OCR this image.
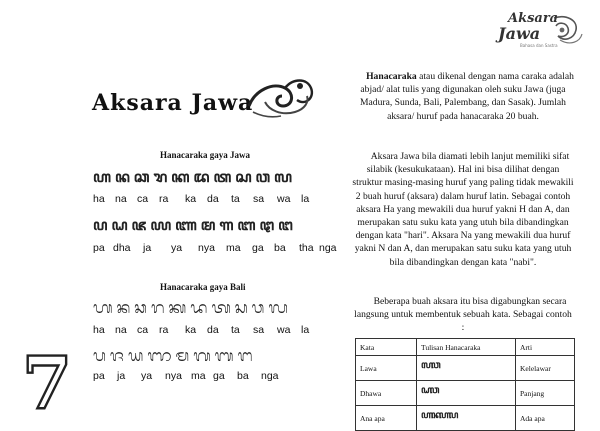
Aksara
Jawa
Bahasa dan Sastra
Aksara Jawa
Hanacaraka gaya Jawa
ꦲ ꦤ ꦕ ꦫ ꦏ ꦢ ꦠ ꦱ ꦮ ꦭ
ha na ca	ra	ka	da	ta	sa	wa	la
ꦥ ꦝ ꦗ ꦪ ꦚ ꦩ ꦒ ꦧ ꦛ ꦔ
pa dha	ja	ya	nya	ma	ga ba	tha nga
Hanacaraka gaya Bali
ᬳ ᬦ ᬘ ᬭ ᬓ ᬤ ᬢ ᬲ ᬯ ᬮ
ha na ca	ra	ka	da	ta	sa	wa	la
ᬧ ᬚ ᬬ ᬜ ᬫ ᬕ ᬩ ᬗ
pa	ja	ya	nya ma ga	ba	nga
7
Hanacaraka atau dikenal dengan nama caraka adalah abjad/ alat tulis yang digunakan oleh suku Jawa (juga Madura, Sunda, Bali, Palembang, dan Sasak). Jumlah aksara/ huruf pada hanacaraka 20 buah.
Aksara Jawa bila diamati lebih lanjut memiliki sifat silabik (kesukukataan). Hal ini bisa dilihat dengan struktur masing-masing huruf yang paling tidak mewakili 2 buah huruf (aksara) dalam huruf latin. Sebagai contoh aksara Ha yang mewakili dua huruf yakni H dan A, dan merupakan satu suku kata yang utuh bila dibandingkan dengan kata "hari". Aksara Na yang mewakili dua huruf yakni N dan A, dan merupakan satu suku kata yang utuh bila dibandingkan dengan kata "nabi".
Beberapa buah aksara itu bisa digabungkan secara langsung untuk membentuk sebuah kata. Sebagai contoh :
Kata	Tulisan Hanacaraka	Arti
Lawa	ꦭꦮ	Kelelawar
Dhawa	ꦝꦮ	Panjang
Ana apa	ꦲꦤꦲꦥ	Ada apa
